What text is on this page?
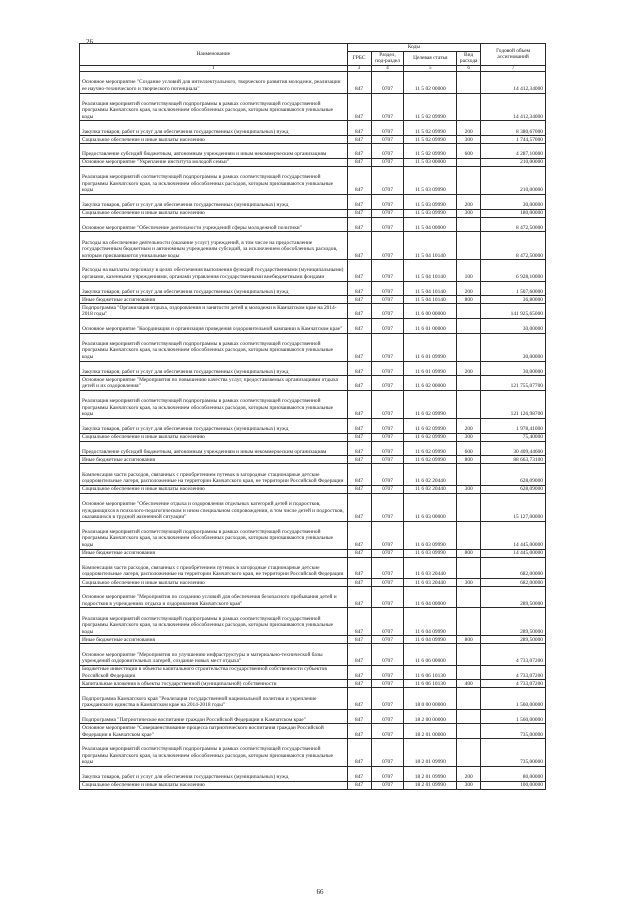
26
Наименование	Коды				Годовой объем ассигнований
	ГРБС	Раздел, под-раздел	Целевая статья	Вид расхода	
1	3	4	5	6	7
Основное мероприятие "Создание условий для интеллектуального, творческого развития молодежи, реализации ее научно-технического и творческого потенциала"	847	0707	11 5 02 00000		14 412,34000
Реализация мероприятий соответствующей подпрограммы в рамках соответствующей государственной программы Камчатского края, за исключением обособленных расходов, которым присваиваются уникальные коды	847	0707	11 5 02 09990		14 412,34000
Закупка товаров, работ и услуг для обеспечения государственных (муниципальных) нужд	847	0707	11 5 02 09990	200	8 380,67000
Социальное обеспечение и иные выплаты населению	847	0707	11 5 02 09990	300	1 744,57000
Предоставление субсидий бюджетным, автономным учреждениям и иным некоммерческим организациям	847	0707	11 5 02 09990	600	4 287,10000
Основное мероприятие "Укрепление института молодой семьи"	847	0707	11 5 03 00000		210,00000
Реализация мероприятий соответствующей подпрограммы в рамках соответствующей государственной программы Камчатского края, за исключением обособленных расходов, которым присваиваются уникальные коды	847	0707	11 5 03 09990		210,00000
Закупка товаров, работ и услуг для обеспечения государственных (муниципальных) нужд	847	0707	11 5 03 09990	200	30,00000
Социальное обеспечение и иные выплаты населению	847	0707	11 5 03 09990	300	180,00000
Основное мероприятие "Обеспечение деятельности учреждений сферы молодежной политики"	847	0707	11 5 04 00000		8 472,50000
Расходы на обеспечение деятельности (оказание услуг) учреждений, в том числе на предоставление государственным бюджетным и автономным учреждениям субсидий, за исключением обособленных расходов, которым присваиваются уникальные коды	847	0707	11 5 04 10140		8 472,50000
Расходы на выплаты персоналу в целях обеспечения выполнения функций государственными (муниципальными) органами, казенными учреждениями, органами управления государственными внебюджетными фондами	847	0707	11 5 04 10140	100	6 928,10000
Закупка товаров, работ и услуг для обеспечения государственных (муниципальных) нужд	847	0707	11 5 04 10140	200	1 507,60000
Иные бюджетные ассигнования	847	0707	11 5 04 10140	800	36,80000
Подпрограмма "Организация отдыха, оздоровления и занятости детей и молодежи в Камчатском крае на 2014-2018 годы"	847	0707	11 6 00 00000		141 925,65000
Основное мероприятие "Координация и организация проведения оздоровительной кампании в Камчатском крае"	847	0707	11 6 01 00000		30,00000
Реализация мероприятий соответствующей подпрограммы в рамках соответствующей государственной программы Камчатского края, за исключением обособленных расходов, которым присваиваются уникальные коды	847	0707	11 6 01 09990		30,00000
Закупка товаров, работ и услуг для обеспечения государственных (муниципальных) нужд	847	0707	11 6 01 09990	200	30,00000
Основное мероприятие "Мероприятия по повышению качества услуг, предоставляемых организациями отдыха детей и их оздоровления"	847	0707	11 6 02 00000		121 755,07700
Реализация мероприятий соответствующей подпрограммы в рамках соответствующей государственной программы Камчатского края, за исключением обособленных расходов, которым присваиваются уникальные коды	847	0707	11 6 02 09990		121 126,98700
Закупка товаров, работ и услуг для обеспечения государственных (муниципальных) нужд	847	0707	11 6 02 09990	200	1 978,41000
Социальное обеспечение и иные выплаты населению	847	0707	11 6 02 09990	300	75,40000
Предоставление субсидий бюджетным, автономным учреждениям и иным некоммерческим организациям	847	0707	11 6 02 09990	600	30 409,44600
Иные бюджетные ассигнования	847	0707	11 6 02 09990	800	88 663,73100
Компенсация части расходов, связанных с приобретением путевок в загородные стационарные детские оздоровительные лагеря, расположенные на территории Камчатского края, не территории Российской Федерации	847	0707	11 6 02 20440		628,09000
Социальное обеспечение и иные выплаты населению	847	0707	11 6 02 20440	300	628,09000
Основное мероприятие "Обеспечение отдыха и оздоровления отдельных категорий детей и подростков, нуждающихся в психолого-педагогическом и ином специальном сопровождении, в том числе детей и подростков, оказавшихся в трудной жизненной ситуации"	847	0707	11 6 03 00000		15 127,00000
Реализация мероприятий соответствующей подпрограммы в рамках соответствующей государственной программы Камчатского края, за исключением обособленных расходов, которым присваиваются уникальные коды	847	0707	11 6 03 09990		14 445,00000
Иные бюджетные ассигнования	847	0707	11 6 03 09990	800	14 445,00000
Компенсация части расходов, связанных с приобретением путевок в загородные стационарные детские оздоровительные лагеря, расположенные на территории Камчатского края, не территории Российской Федерации	847	0707	11 6 03 20440		682,00000
Социальное обеспечение и иные выплаты населению	847	0707	11 6 03 20440	300	682,00000
Основное мероприятие "Мероприятия по созданию условий для обеспечения безопасного пребывания детей и подростков в учреждениях отдыха и оздоровления Камчатского края"	847	0707	11 6 04 00000		289,50000
Реализация мероприятий соответствующей подпрограммы в рамках соответствующей государственной программы Камчатского края, за исключением обособленных расходов, которым присваиваются уникальные коды	847	0707	11 6 04 09990		289,50000
Иные бюджетные ассигнования	847	0707	11 6 04 09990	800	289,50000
Основное мероприятие "Мероприятия по улучшению инфраструктуры и материально-технической базы учреждений оздоровительных лагерей, создание новых мест отдыха"	847	0707	11 6 06 00000		4 733,07200
Бюджетные инвестиции в объекты капитального строительства государственной собственности субъектов Российской Федерации	847	0707	11 6 06 10130		4 733,07200
Капитальные вложения в объекты государственной (муниципальной) собственности	847	0707	11 6 06 10130	400	4 733,07200
Подпрограмма Камчатского края "Реализация государственной национальной политики и укрепление гражданского единства в Камчатском крае на 2014-2018 годы"	847	0707	18 0 00 00000		1 560,00000
Подпрограмма "Патриотическое воспитание граждан Российской Федерации в Камчатском крае"	847	0707	18 2 00 00000		1 560,00000
Основное мероприятие "Совершенствование процесса патриотического воспитания граждан Российской Федерации в Камчатском крае"	847	0707	18 2 01 00000		735,00000
Реализация мероприятий соответствующей подпрограммы в рамках соответствующей государственной программы Камчатского края, за исключением обособленных расходов, которым присваиваются уникальные коды	847	0707	18 2 01 09990		735,00000
Закупка товаров, работ и услуг для обеспечения государственных (муниципальных) нужд	847	0707	18 2 01 09990	200	80,00000
Социальное обеспечение и иные выплаты населению	847	0707	18 2 01 09990	300	100,00000
66
